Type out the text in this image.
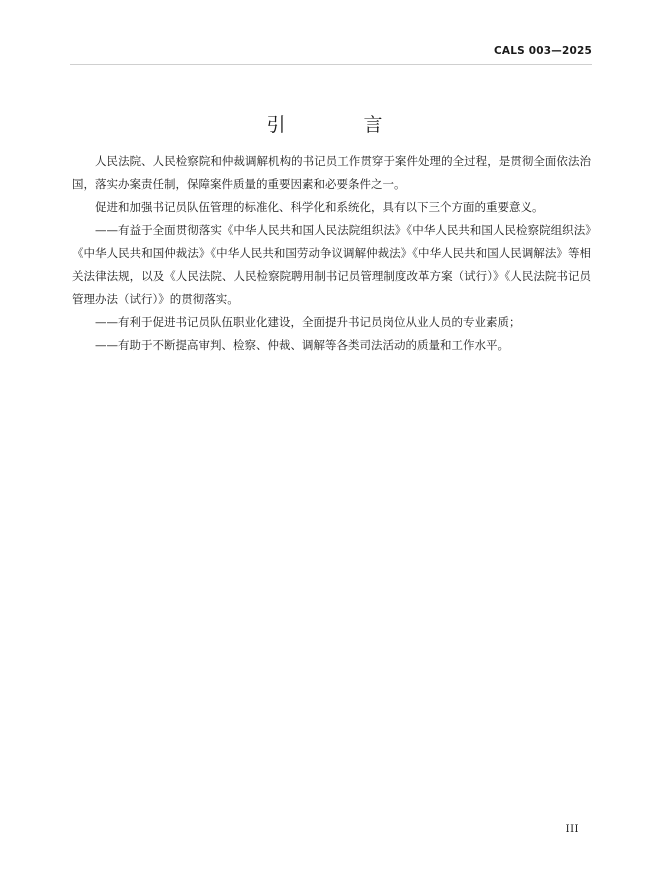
CALS 003—2025
引 言

人民法院、人民检察院和仲裁调解机构的书记员工作贯穿于案件处理的全过程，是贯彻全面依法治国，落实办案责任制，保障案件质量的重要因素和必要条件之一。

促进和加强书记员队伍管理的标准化、科学化和系统化，具有以下三个方面的重要意义。

——有益于全面贯彻落实《中华人民共和国人民法院组织法》《中华人民共和国人民检察院组织法》《中华人民共和国仲裁法》《中华人民共和国劳动争议调解仲裁法》《中华人民共和国人民调解法》等相关法律法规，以及《人民法院、人民检察院聘用制书记员管理制度改革方案（试行）》《人民法院书记员管理办法（试行）》的贯彻落实。

——有利于促进书记员队伍职业化建设，全面提升书记员岗位从业人员的专业素质；

——有助于不断提高审判、检察、仲裁、调解等各类司法活动的质量和工作水平。

III
